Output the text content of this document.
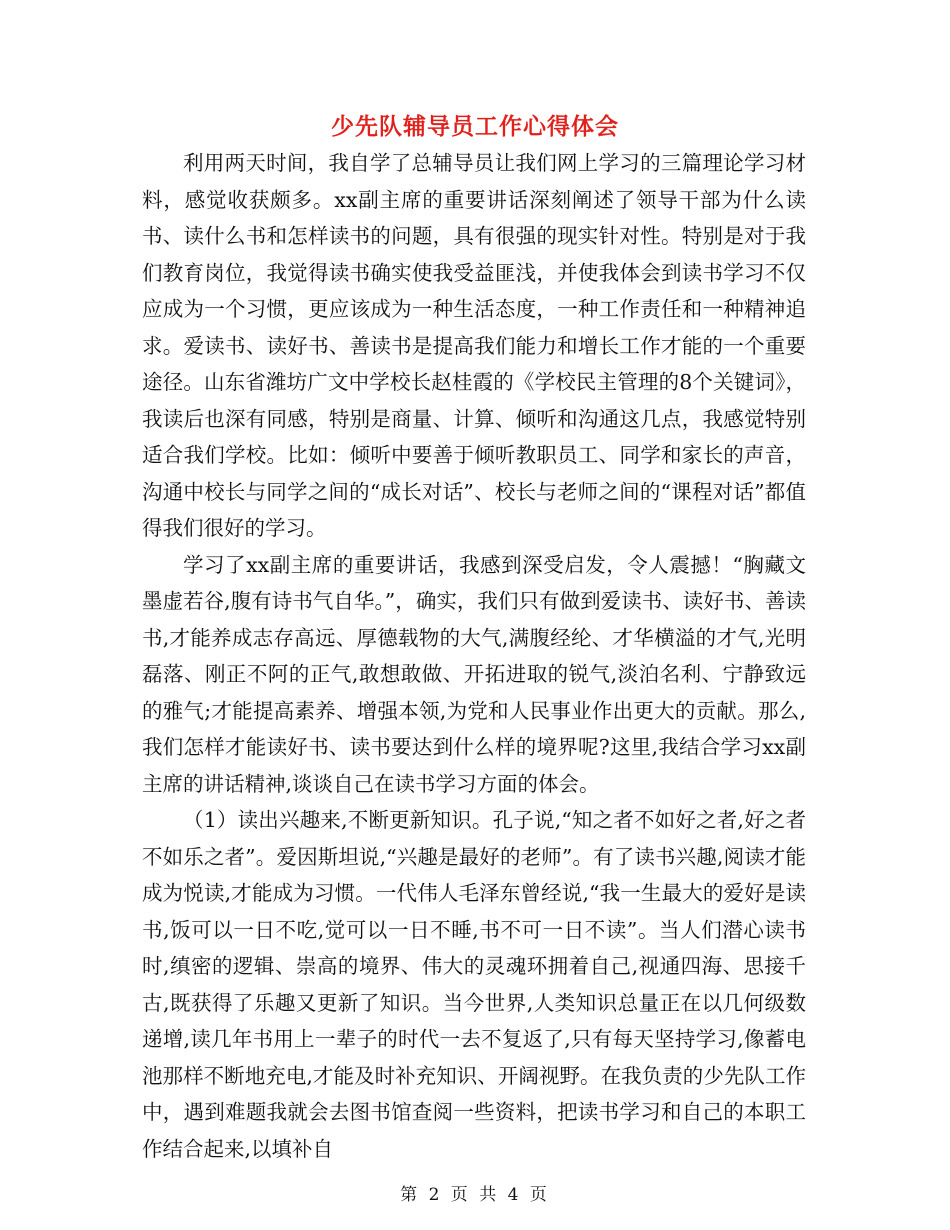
少先队辅导员工作心得体会

利用两天时间，我自学了总辅导员让我们网上学习的三篇理论学习材料，感觉收获颇多。xx副主席的重要讲话深刻阐述了领导干部为什么读书、读什么书和怎样读书的问题，具有很强的现实针对性。特别是对于我们教育岗位，我觉得读书确实使我受益匪浅，并使我体会到读书学习不仅应成为一个习惯，更应该成为一种生活态度，一种工作责任和一种精神追求。爱读书、读好书、善读书是提高我们能力和增长工作才能的一个重要途径。山东省潍坊广文中学校长赵桂霞的《学校民主管理的8个关键词》，我读后也深有同感，特别是商量、计算、倾听和沟通这几点，我感觉特别适合我们学校。比如：倾听中要善于倾听教职员工、同学和家长的声音，沟通中校长与同学之间的“成长对话”、校长与老师之间的“课程对话”都值得我们很好的学习。

学习了xx副主席的重要讲话，我感到深受启发，令人震撼！“胸藏文墨虚若谷,腹有诗书气自华。”，确实，我们只有做到爱读书、读好书、善读书,才能养成志存高远、厚德载物的大气,满腹经纶、才华横溢的才气,光明磊落、刚正不阿的正气,敢想敢做、开拓进取的锐气,淡泊名利、宁静致远的雅气;才能提高素养、增强本领,为党和人民事业作出更大的贡献。那么,我们怎样才能读好书、读书要达到什么样的境界呢?这里,我结合学习xx副主席的讲话精神,谈谈自己在读书学习方面的体会。

（1）读出兴趣来,不断更新知识。孔子说,“知之者不如好之者,好之者不如乐之者”。爱因斯坦说,“兴趣是最好的老师”。有了读书兴趣,阅读才能成为悦读,才能成为习惯。一代伟人毛泽东曾经说,“我一生最大的爱好是读书,饭可以一日不吃,觉可以一日不睡,书不可一日不读”。当人们潜心读书时,缜密的逻辑、崇高的境界、伟大的灵魂环拥着自己,视通四海、思接千古,既获得了乐趣又更新了知识。当今世界,人类知识总量正在以几何级数递增,读几年书用上一辈子的时代一去不复返了,只有每天坚持学习,像蓄电池那样不断地充电,才能及时补充知识、开阔视野。在我负责的少先队工作中，遇到难题我就会去图书馆查阅一些资料，把读书学习和自己的本职工作结合起来,以填补自

第 2 页 共 4 页
